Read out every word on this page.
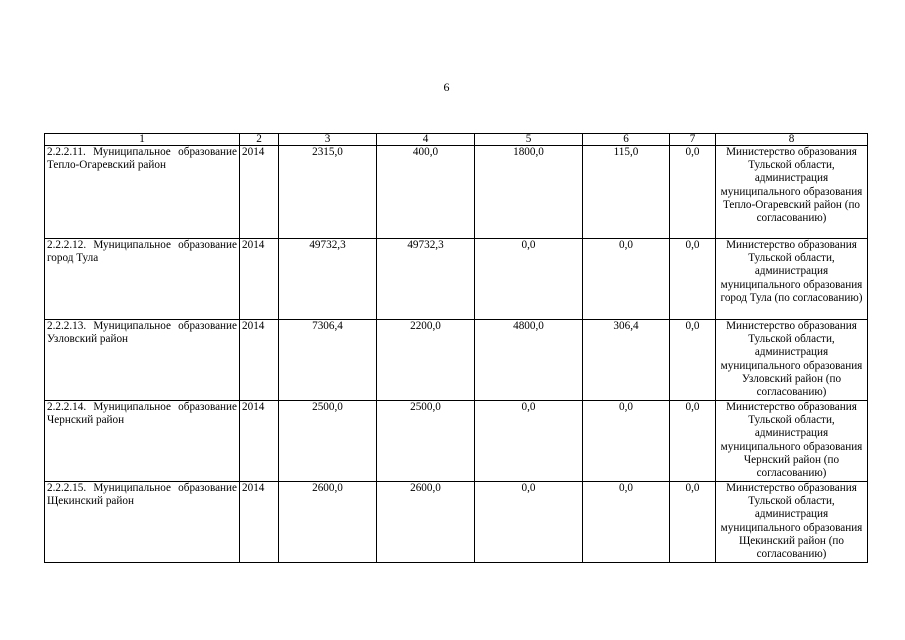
6
1	2	3	4	5	6	7	8
2.2.2.11. Муниципальное образование Тепло-Огаревский район	2014	2315,0	400,0	1800,0	115,0	0,0	Министерство образования Тульской области, администрация муниципального образования Тепло-Огаревский район (по согласованию)
2.2.2.12. Муниципальное образование город Тула	2014	49732,3	49732,3	0,0	0,0	0,0	Министерство образования Тульской области, администрация муниципального образования город Тула (по согласованию)
2.2.2.13. Муниципальное образование Узловский район	2014	7306,4	2200,0	4800,0	306,4	0,0	Министерство образования Тульской области, администрация муниципального образования Узловский район (по согласованию)
2.2.2.14. Муниципальное образование Чернский район	2014	2500,0	2500,0	0,0	0,0	0,0	Министерство образования Тульской области, администрация муниципального образования Чернский район (по согласованию)
2.2.2.15. Муниципальное образование Щекинский район	2014	2600,0	2600,0	0,0	0,0	0,0	Министерство образования Тульской области, администрация муниципального образования Щекинский район (по согласованию)
